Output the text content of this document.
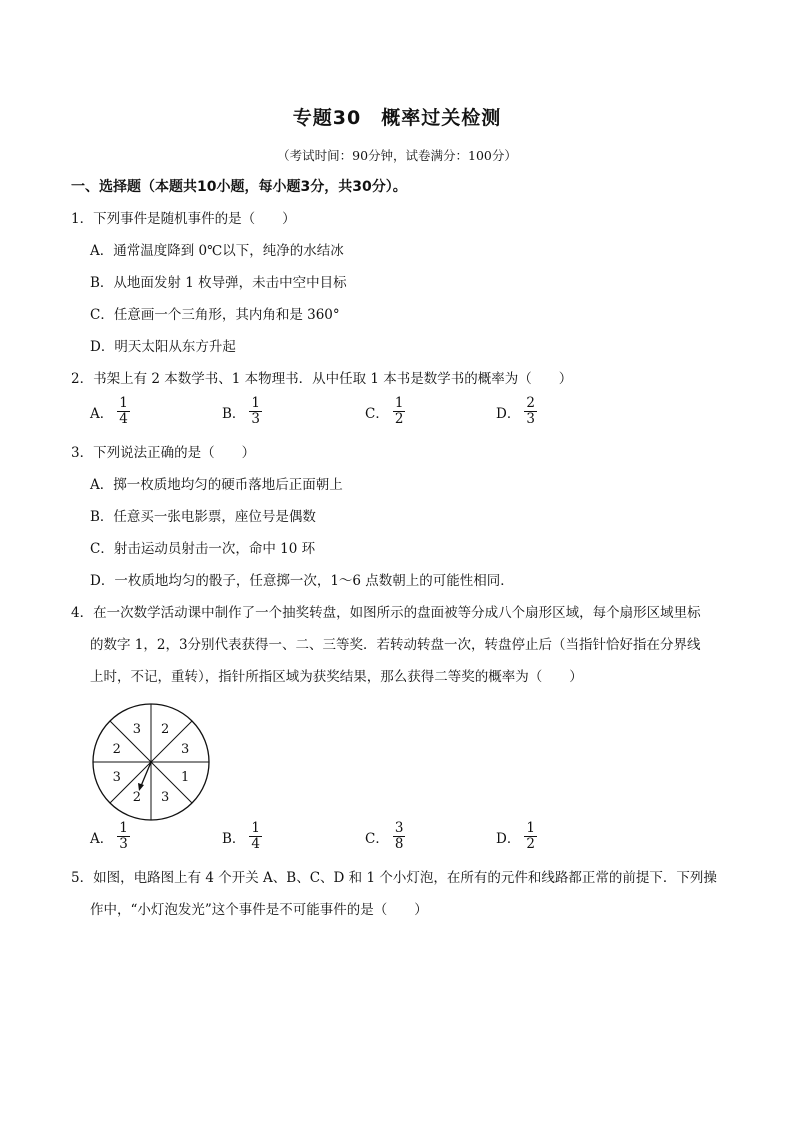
专题30　概率过关检测
（考试时间：90分钟，试卷满分：100分）
一、选择题（本题共10小题，每小题3分，共30分）。
1．下列事件是随机事件的是（　　）
A．通常温度降到 0℃以下，纯净的水结冰
B．从地面发射 1 枚导弹，未击中空中目标
C．任意画一个三角形，其内角和是 360°
D．明天太阳从东方升起
2．书架上有 2 本数学书、1 本物理书．从中任取 1 本书是数学书的概率为（　　）
A． $\frac{1}{4}$	B． $\frac{1}{3}$	C． $\frac{1}{2}$	D． $\frac{2}{3}$
3．下列说法正确的是（　　）
A．掷一枚质地均匀的硬币落地后正面朝上
B．任意买一张电影票，座位号是偶数
C．射击运动员射击一次，命中 10 环
D．一枚质地均匀的骰子，任意掷一次，1～6 点数朝上的可能性相同．
4．在一次数学活动课中制作了一个抽奖转盘，如图所示的盘面被等分成八个扇形区域，每个扇形区域里标
的数字 1，2，3分别代表获得一、二、三等奖．若转动转盘一次，转盘停止后（当指针恰好指在分界线
上时，不记，重转），指针所指区域为获奖结果，那么获得二等奖的概率为（　　）
2
3
1
3
2
3
2
3
A． $\frac{1}{3}$	B． $\frac{1}{4}$	C． $\frac{3}{8}$	D． $\frac{1}{2}$
5．如图，电路图上有 4 个开关 A、B、C、D 和 1 个小灯泡，在所有的元件和线路都正常的前提下．下列操
作中，“小灯泡发光”这个事件是不可能事件的是（　　）
